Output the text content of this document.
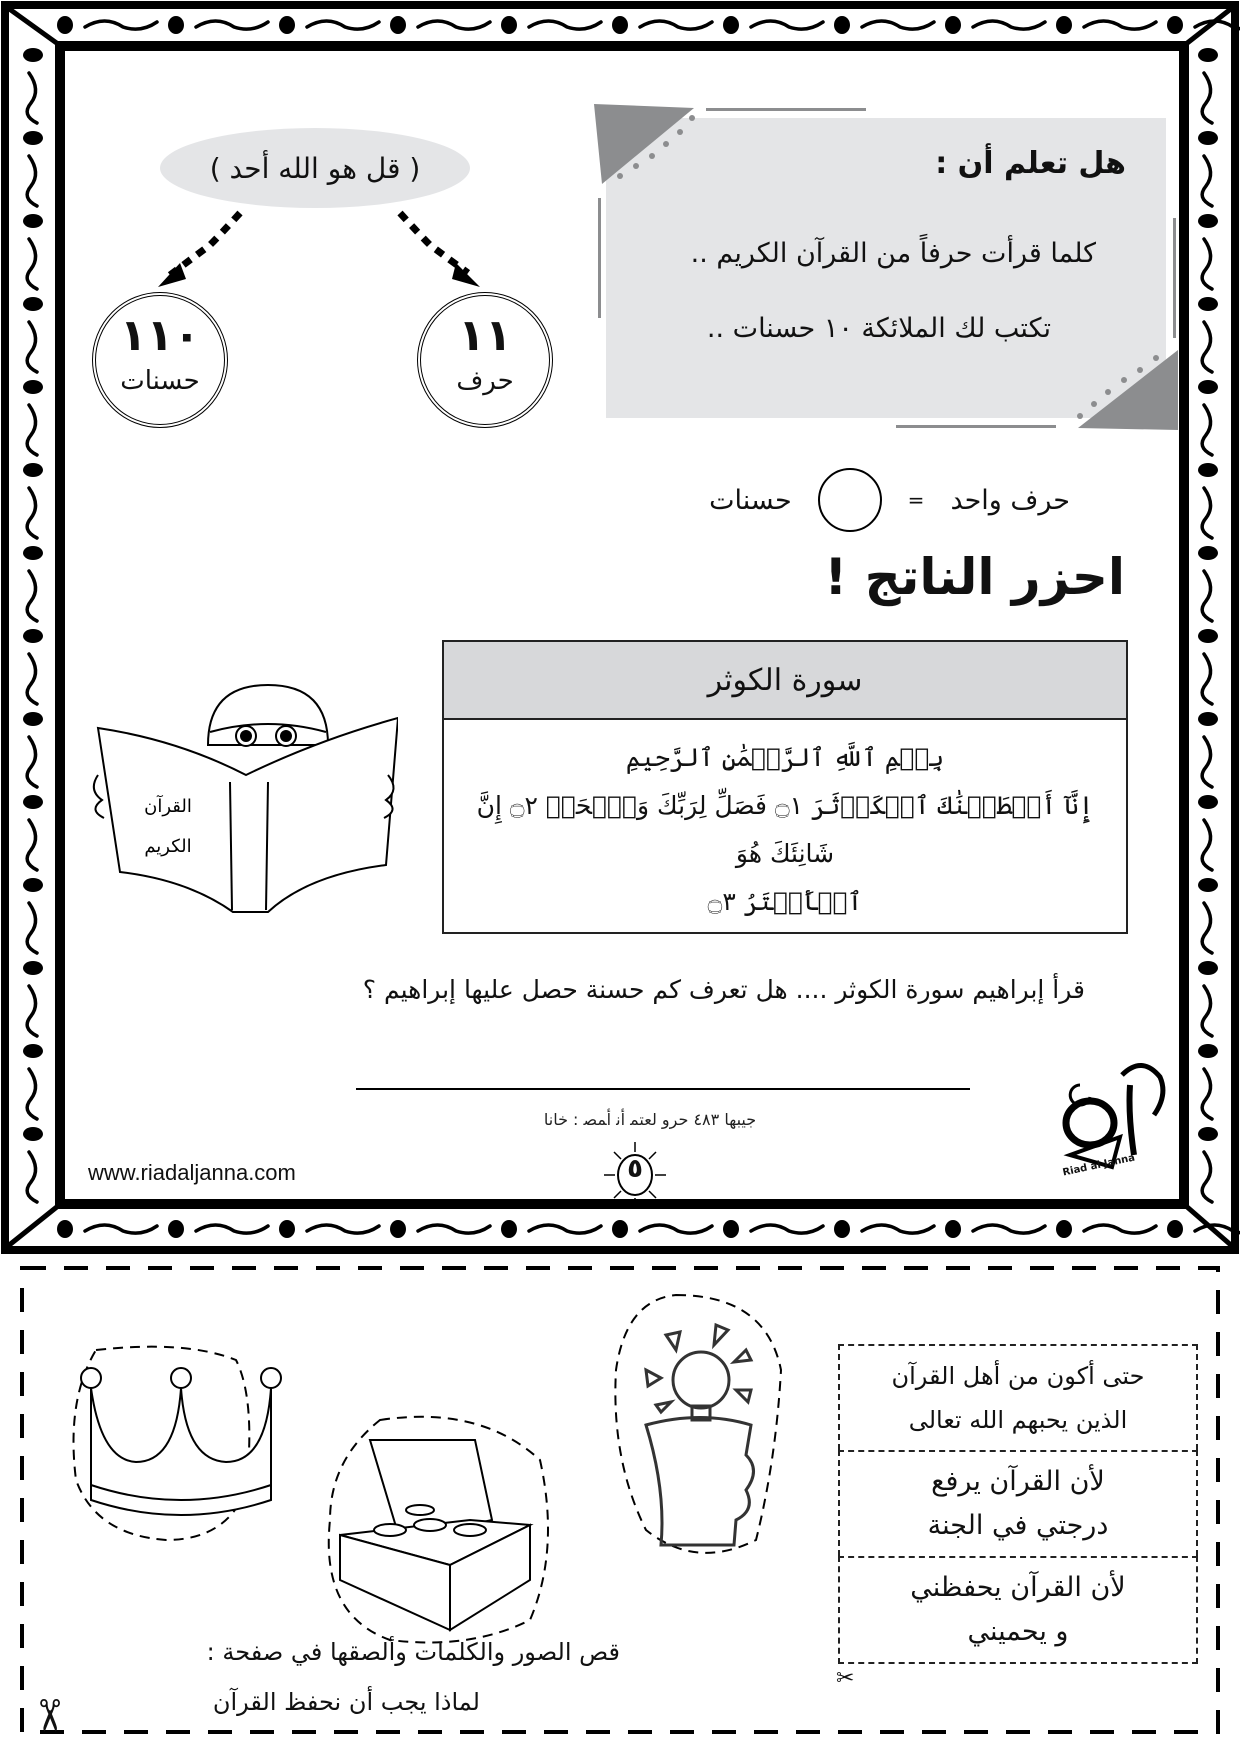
هل تعلم أن :
كلما قرأت حرفاً من القرآن الكريم ..
تكتب لك الملائكة ١٠ حسنات ..
( قل هو الله أحد )
١١٠
حسنات
١١
حرف
حرف واحد
=
حسنات
احزر الناتج !
القرآن
الكريم
سورة الكوثر
بِسۡمِ ٱللَّهِ ٱلرَّحۡمَٰنِ ٱلرَّحِيمِ
إِنَّآ أَعۡطَيۡنَٰكَ ٱلۡكَوۡثَرَ ۝١ فَصَلِّ لِرَبِّكَ وَٱنۡحَرۡ ۝٢ إِنَّ شَانِئَكَ هُوَ
ٱلۡأَبۡتَرُ ۝٣
قرأ إبراهيم سورة الكوثر .... هل تعرف كم حسنة حصل عليها إبراهيم ؟
ﺟﻴﺒﻬﺎ ٤٨٣ ﺣﺮﻭ ﻟﻌﺘﻤ ﺃﻧ ﺃﻤﺼ : ﺧﺎﻧﺎ
www.riadaljanna.com	٥	Riad al Janna
حتى أكون من أهل القرآن
الذين يحبهم الله تعالى
لأن القرآن يرفع
درجتي في الجنة
لأن القرآن يحفظني
و يحميني
✂
✂
قص الصور والكلمات وألصقها في صفحة :
لماذا يجب أن نحفظ القرآن
